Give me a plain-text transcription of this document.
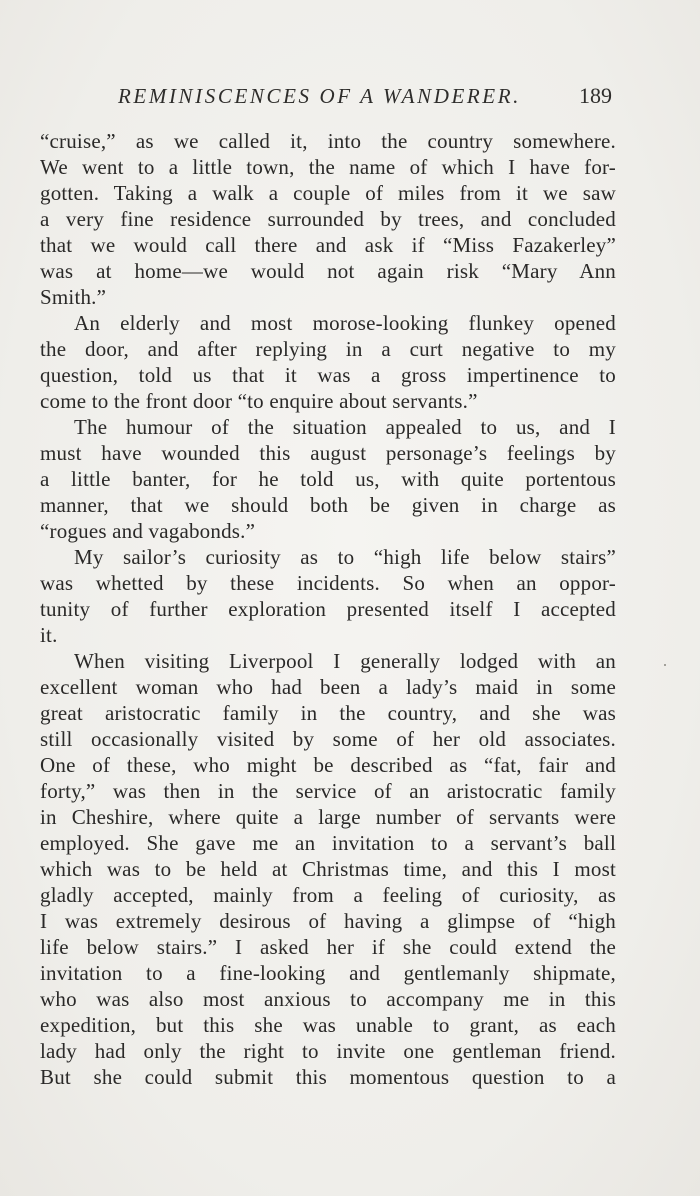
REMINISCENCES OF A WANDERER.	189
“cruise,” as we called it, into the country somewhere.
We went to a little town, the name of which I have for-
gotten. Taking a walk a couple of miles from it we saw
a very fine residence surrounded by trees, and concluded
that we would call there and ask if “Miss Fazakerley”
was at home—we would not again risk “Mary Ann
Smith.”
An elderly and most morose-looking flunkey opened
the door, and after replying in a curt negative to my
question, told us that it was a gross impertinence to
come to the front door “to enquire about servants.”
The humour of the situation appealed to us, and I
must have wounded this august personage’s feelings by
a little banter, for he told us, with quite portentous
manner, that we should both be given in charge as
“rogues and vagabonds.”
My sailor’s curiosity as to “high life below stairs”
was whetted by these incidents. So when an oppor-
tunity of further exploration presented itself I accepted
it.
When visiting Liverpool I generally lodged with an
excellent woman who had been a lady’s maid in some
great aristocratic family in the country, and she was
still occasionally visited by some of her old associates.
One of these, who might be described as “fat, fair and
forty,” was then in the service of an aristocratic family
in Cheshire, where quite a large number of servants were
employed. She gave me an invitation to a servant’s ball
which was to be held at Christmas time, and this I most
gladly accepted, mainly from a feeling of curiosity, as
I was extremely desirous of having a glimpse of “high
life below stairs.” I asked her if she could extend the
invitation to a fine-looking and gentlemanly shipmate,
who was also most anxious to accompany me in this
expedition, but this she was unable to grant, as each
lady had only the right to invite one gentleman friend.
But she could submit this momentous question to a
